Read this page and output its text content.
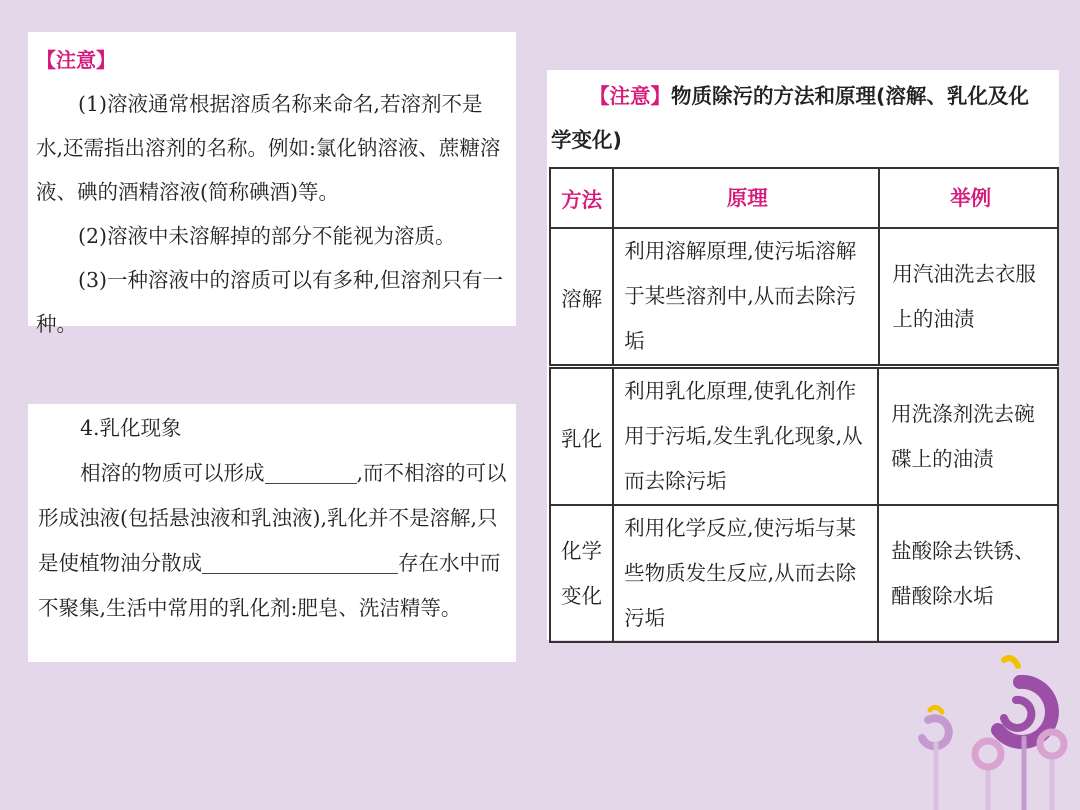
【注意】

(1)溶液通常根据溶质名称来命名,若溶剂不是水,还需指出溶剂的名称。例如:氯化钠溶液、蔗糖溶液、碘的酒精溶液(简称碘酒)等。

(2)溶液中未溶解掉的部分不能视为溶质。

(3)一种溶液中的溶质可以有多种,但溶剂只有一种。

4.乳化现象

相溶的物质可以形成	,而不相溶的可以形成浊液(包括悬浊液和乳浊液),乳化并不是溶解,只是使植物油分散成	存在水中而不聚集,生活中常用的乳化剂:肥皂、洗洁精等。

【注意】物质除污的方法和原理(溶解、乳化及化
学变化)
方法	原理	举例
溶解	利用溶解原理,使污垢溶解于某些溶剂中,从而去除污垢	用汽油洗去衣服上的油渍
乳化	利用乳化原理,使乳化剂作用于污垢,发生乳化现象,从而去除污垢	用洗涤剂洗去碗碟上的油渍
化学变化	利用化学反应,使污垢与某些物质发生反应,从而去除污垢	盐酸除去铁锈、醋酸除水垢
